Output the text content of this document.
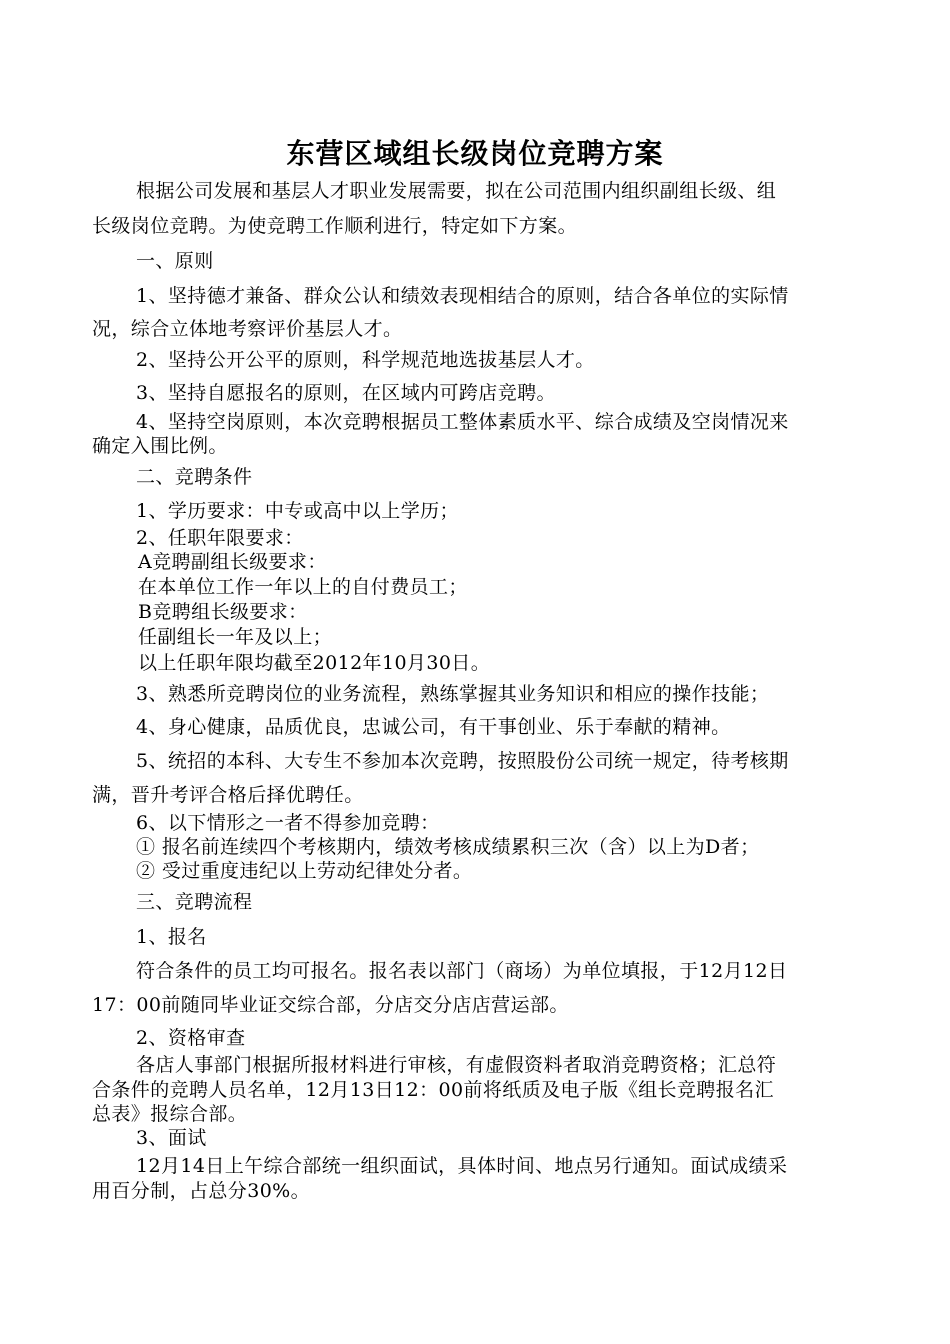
东营区域组长级岗位竞聘方案
根据公司发展和基层人才职业发展需要，拟在公司范围内组织副组长级、组
长级岗位竞聘。为使竞聘工作顺利进行，特定如下方案。
一、原则
1、坚持德才兼备、群众公认和绩效表现相结合的原则，结合各单位的实际情
况，综合立体地考察评价基层人才。
2、坚持公开公平的原则，科学规范地选拔基层人才。
3、坚持自愿报名的原则，在区域内可跨店竞聘。
4、坚持空岗原则，本次竞聘根据员工整体素质水平、综合成绩及空岗情况来
确定入围比例。
二、竞聘条件
1、学历要求：中专或高中以上学历；
2、任职年限要求：
A竞聘副组长级要求：
在本单位工作一年以上的自付费员工；
B竞聘组长级要求：
任副组长一年及以上；
以上任职年限均截至2012年10月30日。
3、熟悉所竞聘岗位的业务流程，熟练掌握其业务知识和相应的操作技能；
4、身心健康，品质优良，忠诚公司，有干事创业、乐于奉献的精神。
5、统招的本科、大专生不参加本次竞聘，按照股份公司统一规定，待考核期
满，晋升考评合格后择优聘任。
6、以下情形之一者不得参加竞聘：
① 报名前连续四个考核期内，绩效考核成绩累积三次（含）以上为D者；
② 受过重度违纪以上劳动纪律处分者。
三、竞聘流程
1、报名
符合条件的员工均可报名。报名表以部门（商场）为单位填报，于12月12日
17：00前随同毕业证交综合部，分店交分店店营运部。
2、资格审查
各店人事部门根据所报材料进行审核，有虚假资料者取消竞聘资格；汇总符
合条件的竞聘人员名单，12月13日12：00前将纸质及电子版《组长竞聘报名汇
总表》报综合部。
3、面试
12月14日上午综合部统一组织面试，具体时间、地点另行通知。面试成绩采
用百分制，占总分30%。
